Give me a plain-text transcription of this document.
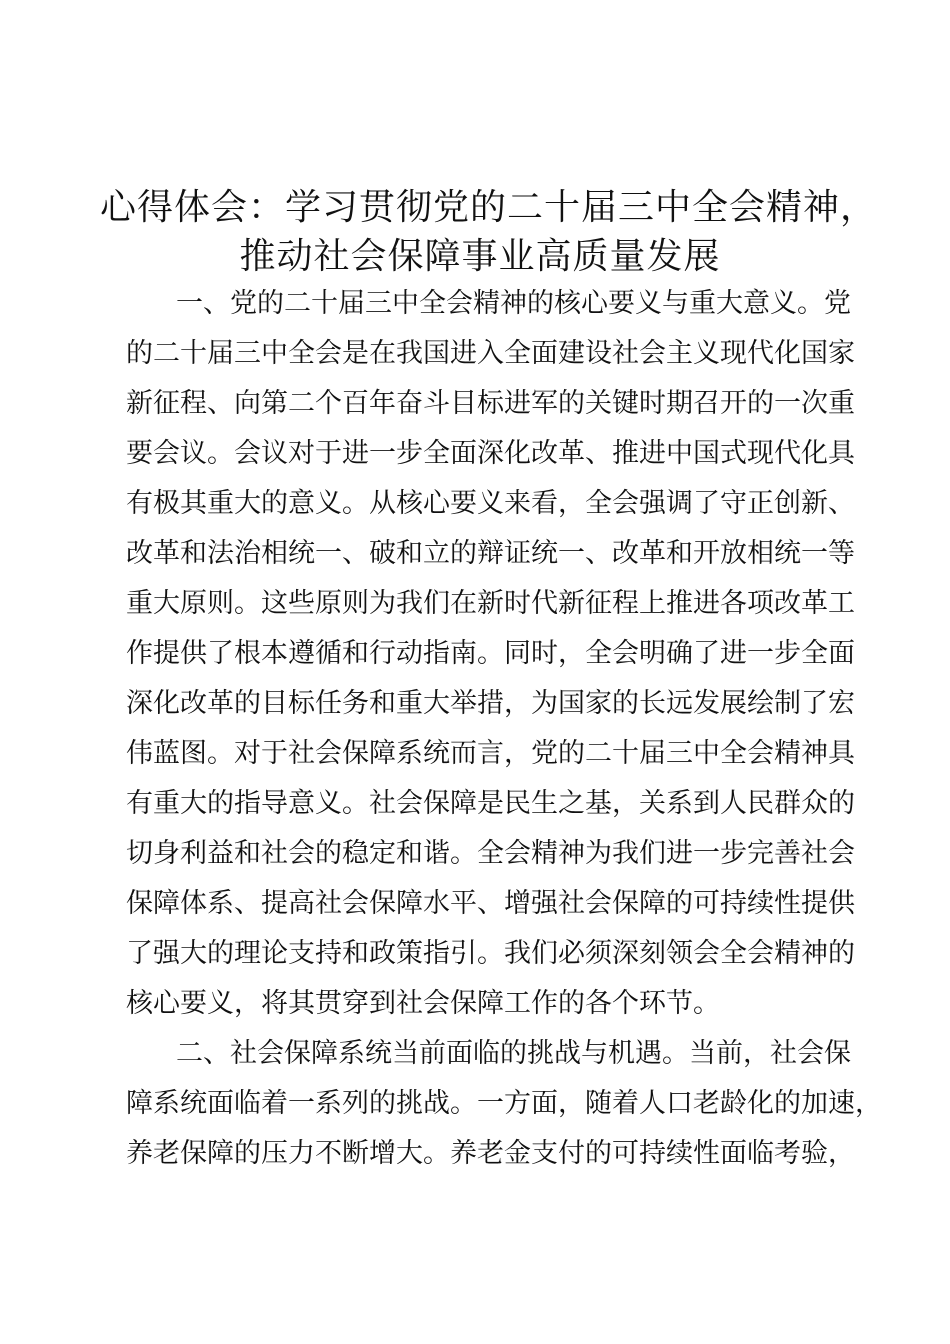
心得体会：学习贯彻党的二十届三中全会精神，
推动社会保障事业高质量发展
一、党的二十届三中全会精神的核心要义与重大意义。党
的二十届三中全会是在我国进入全面建设社会主义现代化国家
新征程、向第二个百年奋斗目标进军的关键时期召开的一次重
要会议。会议对于进一步全面深化改革、推进中国式现代化具
有极其重大的意义。从核心要义来看，全会强调了守正创新、
改革和法治相统一、破和立的辩证统一、改革和开放相统一等
重大原则。这些原则为我们在新时代新征程上推进各项改革工
作提供了根本遵循和行动指南。同时，全会明确了进一步全面
深化改革的目标任务和重大举措，为国家的长远发展绘制了宏
伟蓝图。对于社会保障系统而言，党的二十届三中全会精神具
有重大的指导意义。社会保障是民生之基，关系到人民群众的
切身利益和社会的稳定和谐。全会精神为我们进一步完善社会
保障体系、提高社会保障水平、增强社会保障的可持续性提供
了强大的理论支持和政策指引。我们必须深刻领会全会精神的
核心要义，将其贯穿到社会保障工作的各个环节。
二、社会保障系统当前面临的挑战与机遇。当前，社会保
障系统面临着一系列的挑战。一方面，随着人口老龄化的加速，
养老保障的压力不断增大。养老金支付的可持续性面临考验，
